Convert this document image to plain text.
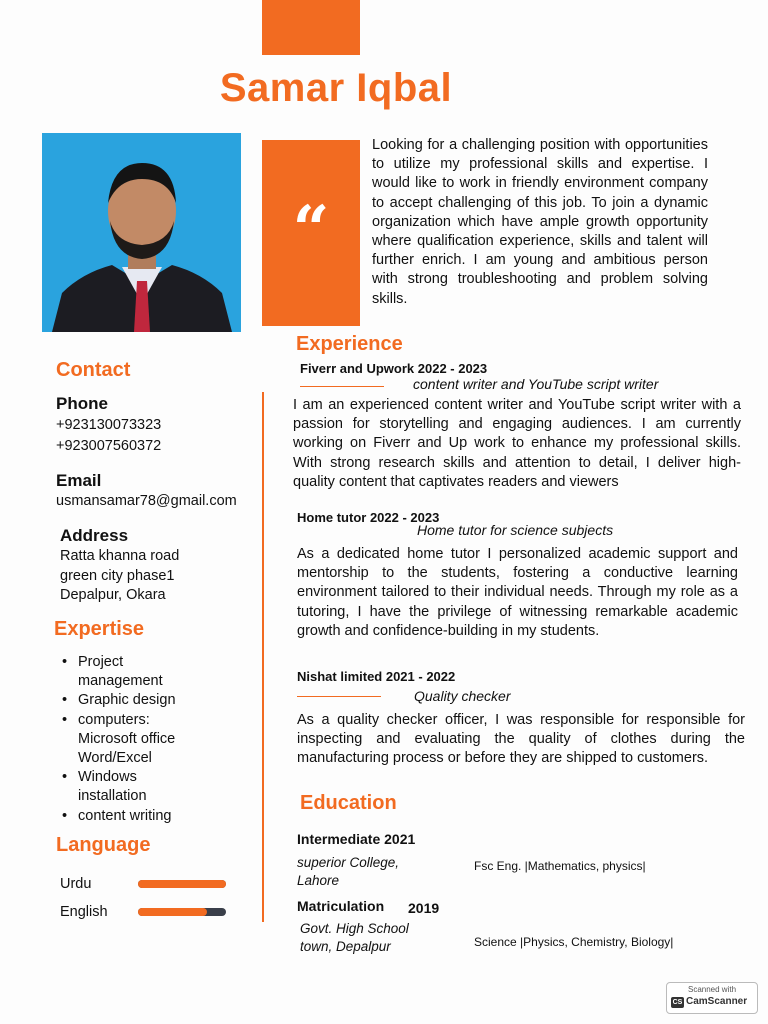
Samar Iqbal
“
Looking for a challenging position with opportunities to utilize my professional skills and expertise. I would like to work in friendly environment company to accept challenging of this job. To join a dynamic organization which have ample growth opportunity where qualification experience, skills and talent will further enrich. I am young and ambitious person with strong troubleshooting and problem solving skills.
Contact
Phone
+923130073323
+923007560372
Email
usmansamar78@gmail.com
Address
Ratta khanna road
green city phase1
Depalpur, Okara
Expertise
• Project management
• Graphic design
• computers: Microsoft office Word/Excel
• Windows installation
• content writing
Language
Urdu
English
Experience
Fiverr and Upwork 2022 - 2023
content writer and YouTube script writer
I am an experienced content writer and YouTube script writer with a passion for storytelling and engaging audiences. I am currently working on Fiverr and Up work to enhance my professional skills. With strong research skills and attention to detail, I deliver high-quality content that captivates readers and viewers
Home tutor 2022 - 2023
Home tutor for science subjects
As a dedicated home tutor I personalized academic support and mentorship to the students, fostering a conductive learning environment tailored to their individual needs. Through my role as a tutoring, I have the privilege of witnessing remarkable academic growth and confidence-building in my students.
Nishat limited 2021 - 2022
Quality checker
As a quality checker officer, I was responsible for responsible for inspecting and evaluating the quality of clothes during the manufacturing process or before they are shipped to customers.
Education
Intermediate 2021
superior College, Lahore
Fsc Eng. |Mathematics, physics|
Matriculation 2019
Govt. High School town, Depalpur	Science |Physics, Chemistry, Biology|
Scanned with
CS CamScanner
